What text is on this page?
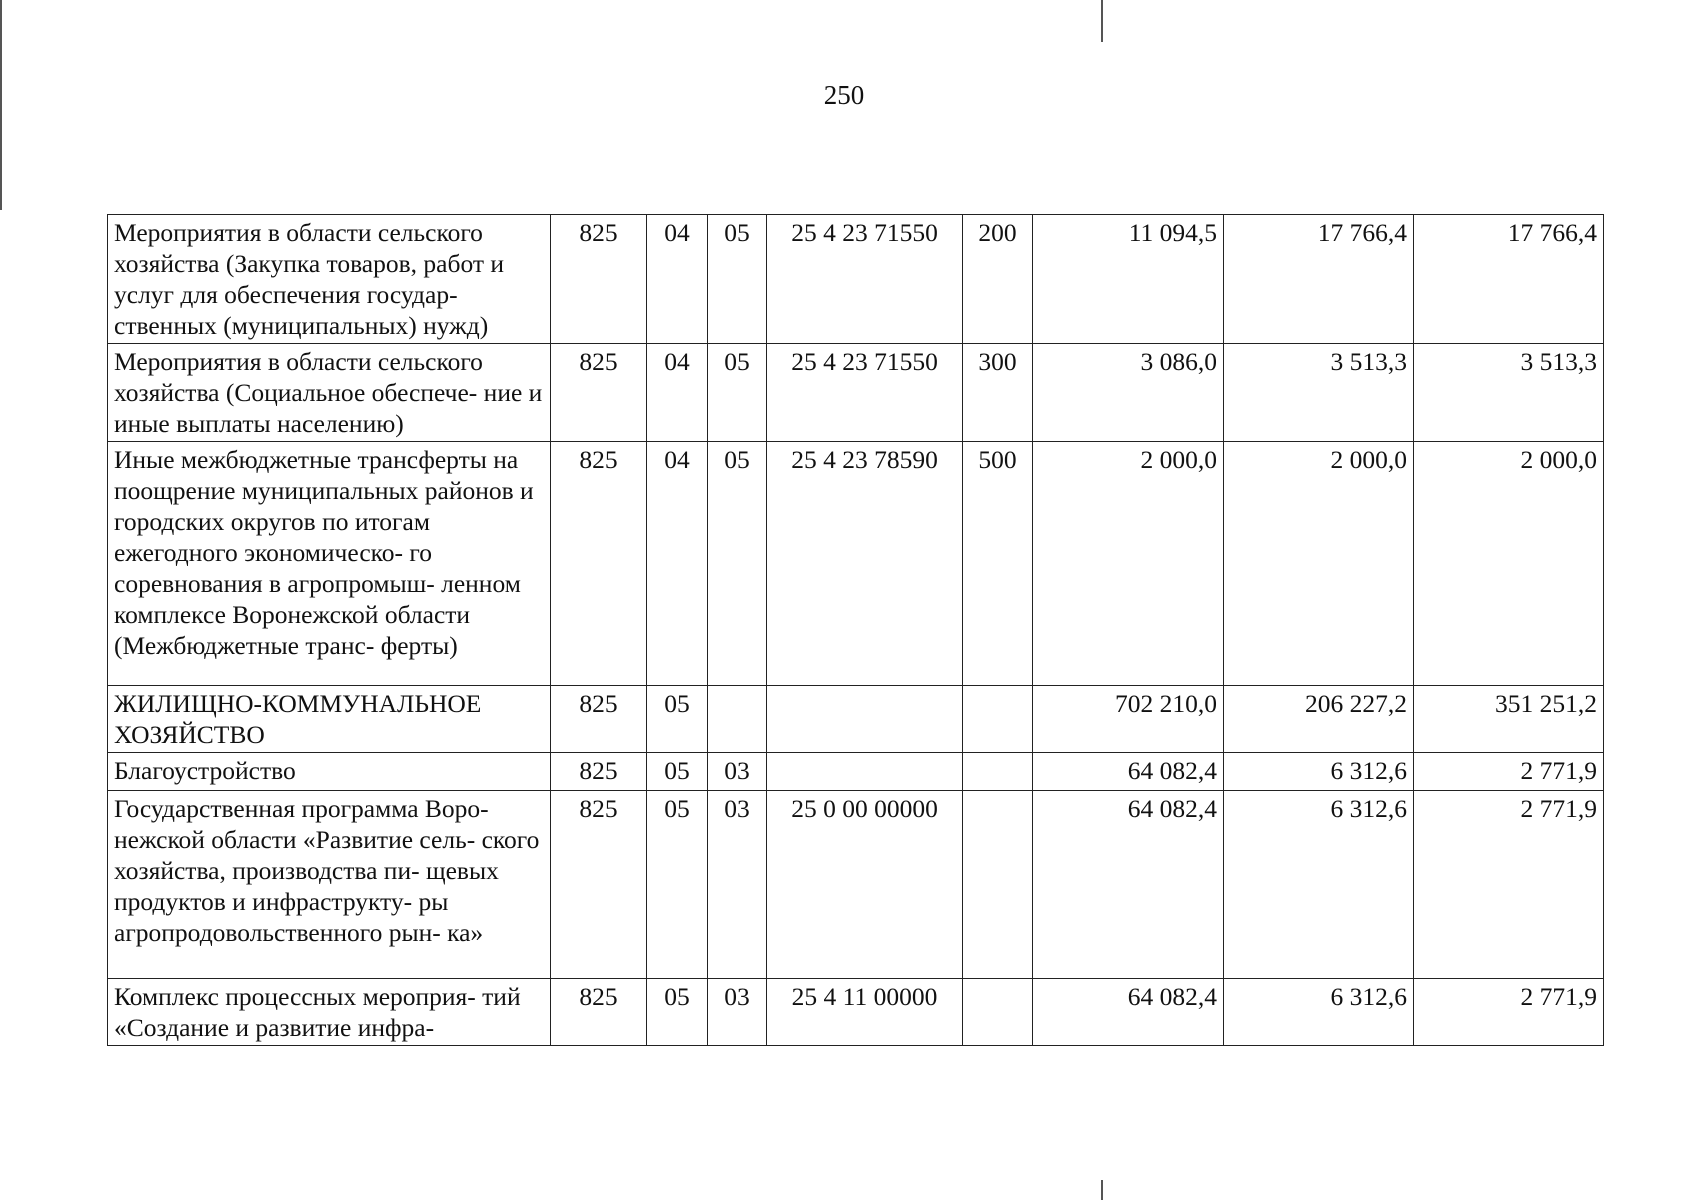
250
Мероприятия в области сельского хозяйства (Закупка товаров, работ и услуг для обеспечения государ- ственных (муниципальных) нужд)	825	04	05	25 4 23 71550	200	11 094,5	17 766,4	17 766,4
Мероприятия в области сельского хозяйства (Социальное обеспече- ние и иные выплаты населению)	825	04	05	25 4 23 71550	300	3 086,0	3 513,3	3 513,3
Иные межбюджетные трансферты на поощрение муниципальных районов и городских округов по итогам ежегодного экономическо- го соревнования в агропромыш- ленном комплексе Воронежской области (Межбюджетные транс- ферты)	825	04	05	25 4 23 78590	500	2 000,0	2 000,0	2 000,0
ЖИЛИЩНО-КОММУНАЛЬНОЕ ХОЗЯЙСТВО	825	05				702 210,0	206 227,2	351 251,2
Благоустройство	825	05	03			64 082,4	6 312,6	2 771,9
Государственная программа Воро- нежской области «Развитие сель- ского хозяйства, производства пи- щевых продуктов и инфраструкту- ры агропродовольственного рын- ка»	825	05	03	25 0 00 00000		64 082,4	6 312,6	2 771,9
Комплекс процессных мероприя- тий «Создание и развитие инфра-	825	05	03	25 4 11 00000		64 082,4	6 312,6	2 771,9
